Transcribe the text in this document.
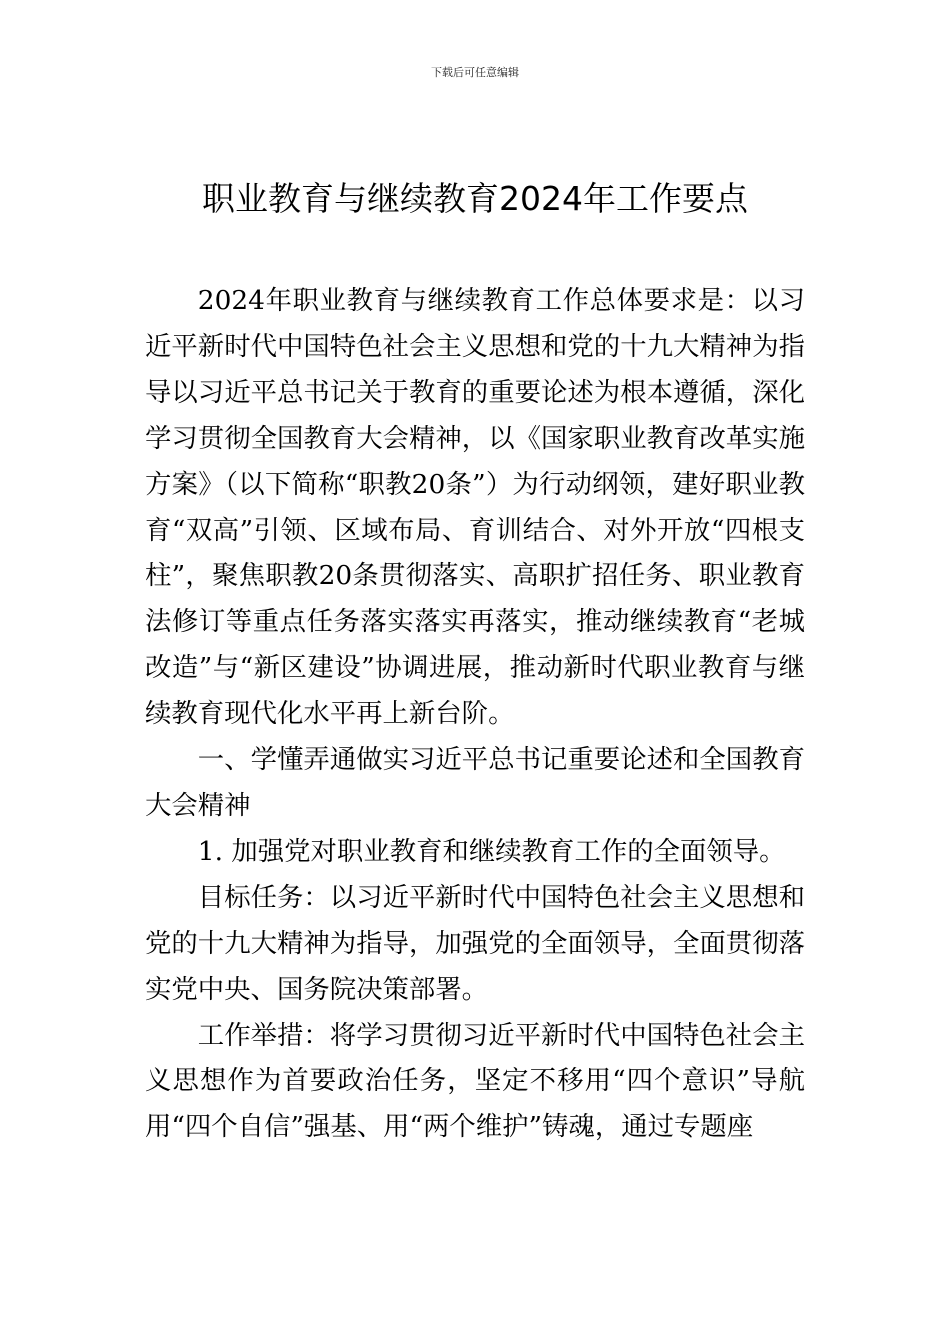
下载后可任意编辑
职业教育与继续教育2024年工作要点

2024年职业教育与继续教育工作总体要求是：以习近平新时代中国特色社会主义思想和党的十九大精神为指导以习近平总书记关于教育的重要论述为根本遵循，深化学习贯彻全国教育大会精神，以《国家职业教育改革实施方案》（以下简称“职教20条”）为行动纲领，建好职业教育“双高”引领、区域布局、育训结合、对外开放“四根支柱”，聚焦职教20条贯彻落实、高职扩招任务、职业教育法修订等重点任务落实落实再落实，推动继续教育“老城改造”与“新区建设”协调进展，推动新时代职业教育与继续教育现代化水平再上新台阶。

一、学懂弄通做实习近平总书记重要论述和全国教育大会精神

1. 加强党对职业教育和继续教育工作的全面领导。

目标任务：以习近平新时代中国特色社会主义思想和党的十九大精神为指导，加强党的全面领导，全面贯彻落实党中央、国务院决策部署。

工作举措：将学习贯彻习近平新时代中国特色社会主义思想作为首要政治任务，坚定不移用“四个意识”导航用“四个自信”强基、用“两个维护”铸魂，通过专题座
